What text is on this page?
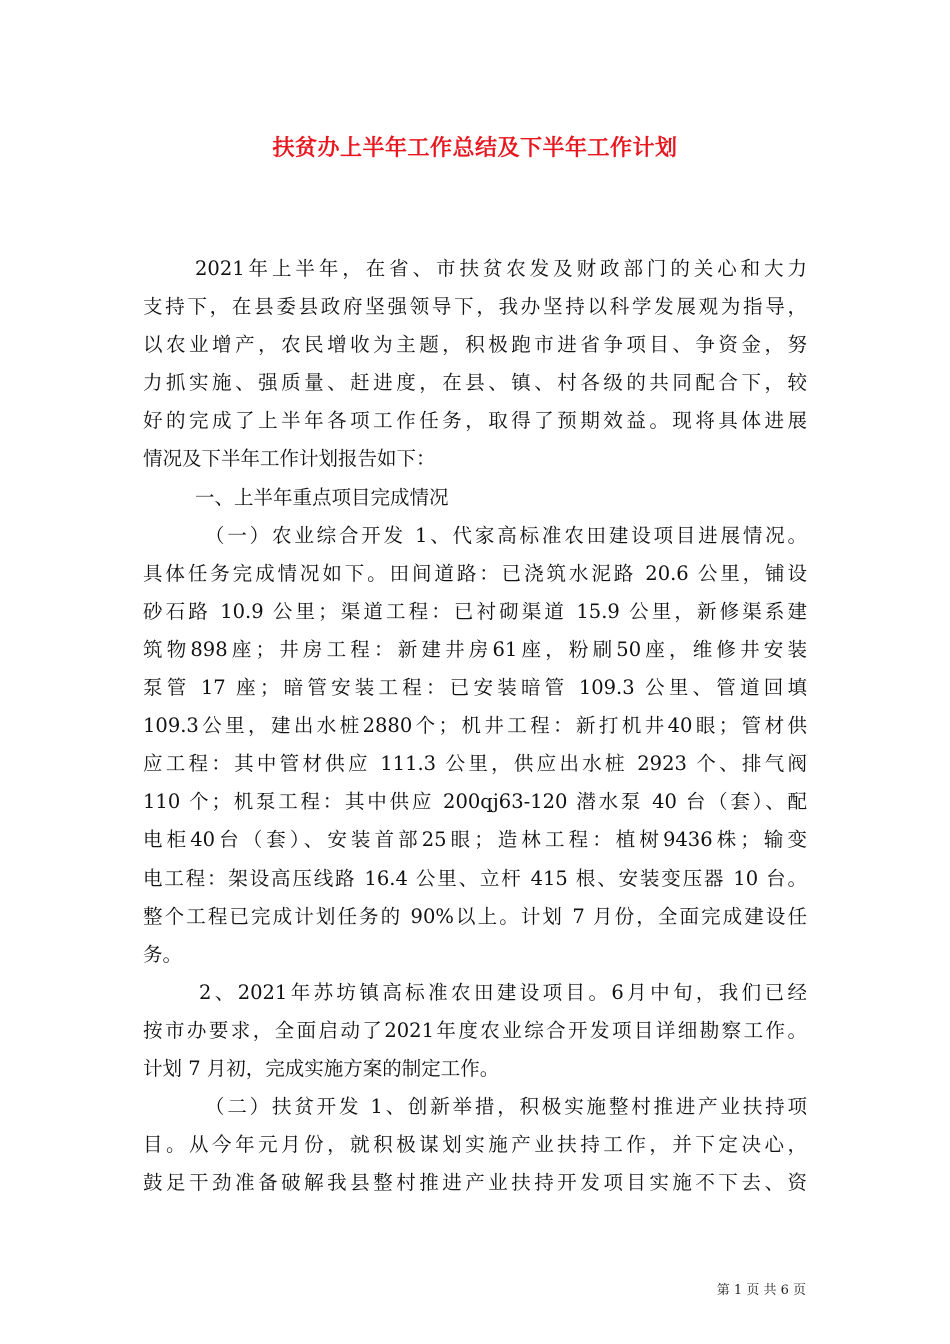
扶贫办上半年工作总结及下半年工作计划
2021年上半年，在省、市扶贫农发及财政部门的关心和大力
支持下，在县委县政府坚强领导下，我办坚持以科学发展观为指导，
以农业增产，农民增收为主题，积极跑市进省争项目、争资金，努
力抓实施、强质量、赶进度，在县、镇、村各级的共同配合下，较
好的完成了上半年各项工作任务，取得了预期效益。现将具体进展
情况及下半年工作计划报告如下：
一、上半年重点项目完成情况
（一）农业综合开发 1、代家高标准农田建设项目进展情况。
具体任务完成情况如下。田间道路：已浇筑水泥路 20.6 公里，铺设
砂石路 10.9 公里；渠道工程：已衬砌渠道 15.9 公里，新修渠系建
筑物898座；井房工程：新建井房61座，粉刷50座，维修井安装
泵管 17 座；暗管安装工程：已安装暗管 109.3 公里、管道回填
109.3公里，建出水桩2880个；机井工程：新打机井40眼；管材供
应工程：其中管材供应 111.3 公里，供应出水桩 2923 个、排气阀
110 个；机泵工程：其中供应 200qj63-120 潜水泵 40 台（套）、配
电柜40台（套）、安装首部25眼；造林工程：植树9436株；输变
电工程：架设高压线路 16.4 公里、立杆 415 根、安装变压器 10 台。
整个工程已完成计划任务的 90%以上。计划 7 月份，全面完成建设任
务。
2、2021年苏坊镇高标准农田建设项目。6月中旬，我们已经
按市办要求，全面启动了2021年度农业综合开发项目详细勘察工作。
计划 7 月初，完成实施方案的制定工作。
（二）扶贫开发 1、创新举措，积极实施整村推进产业扶持项
目。从今年元月份，就积极谋划实施产业扶持工作，并下定决心，
鼓足干劲准备破解我县整村推进产业扶持开发项目实施不下去、资
第 1 页 共 6 页
